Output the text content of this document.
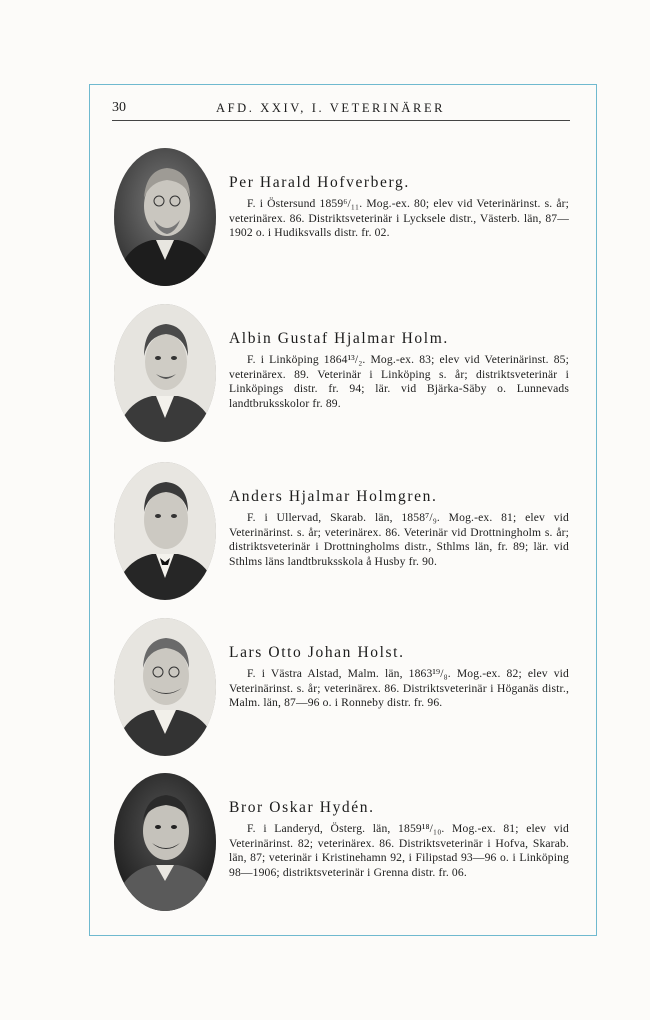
30	AFD. XXIV, I. VETERINÄRER
Per Harald Hofverberg.

F. i Östersund 1859⁶/₁₁. Mog.-ex. 80; elev vid Veterinärinst. s. år; veterinärex. 86. Distriktsveterinär i Lycksele distr., Västerb. län, 87—1902 o. i Hudiksvalls distr. fr. 02.

Albin Gustaf Hjalmar Holm.

F. i Linköping 1864¹³/₂. Mog.-ex. 83; elev vid Veterinärinst. 85; veterinärex. 89. Veterinär i Linköping s. år; distriktsveterinär i Linköpings distr. fr. 94; lär. vid Bjärka-Säby o. Lunnevads landtbruksskolor fr. 89.

Anders Hjalmar Holmgren.

F. i Ullervad, Skarab. län, 1858⁷/₉. Mog.-ex. 81; elev vid Veterinärinst. s. år; veterinärex. 86. Veterinär vid Drottningholm s. år; distriktsveterinär i Drottningholms distr., Sthlms län, fr. 89; lär. vid Sthlms läns landtbruksskola å Husby fr. 90.

Lars Otto Johan Holst.

F. i Västra Alstad, Malm. län, 1863¹⁹/₈. Mog.-ex. 82; elev vid Veterinärinst. s. år; veterinärex. 86. Distriktsveterinär i Höganäs distr., Malm. län, 87—96 o. i Ronneby distr. fr. 96.

Bror Oskar Hydén.

F. i Landeryd, Österg. län, 1859¹⁸/₁₀. Mog.-ex. 81; elev vid Veterinärinst. 82; veterinärex. 86. Distriktsveterinär i Hofva, Skarab. län, 87; veterinär i Kristinehamn 92, i Filipstad 93—96 o. i Linköping 98—1906; distriktsveterinär i Grenna distr. fr. 06.
